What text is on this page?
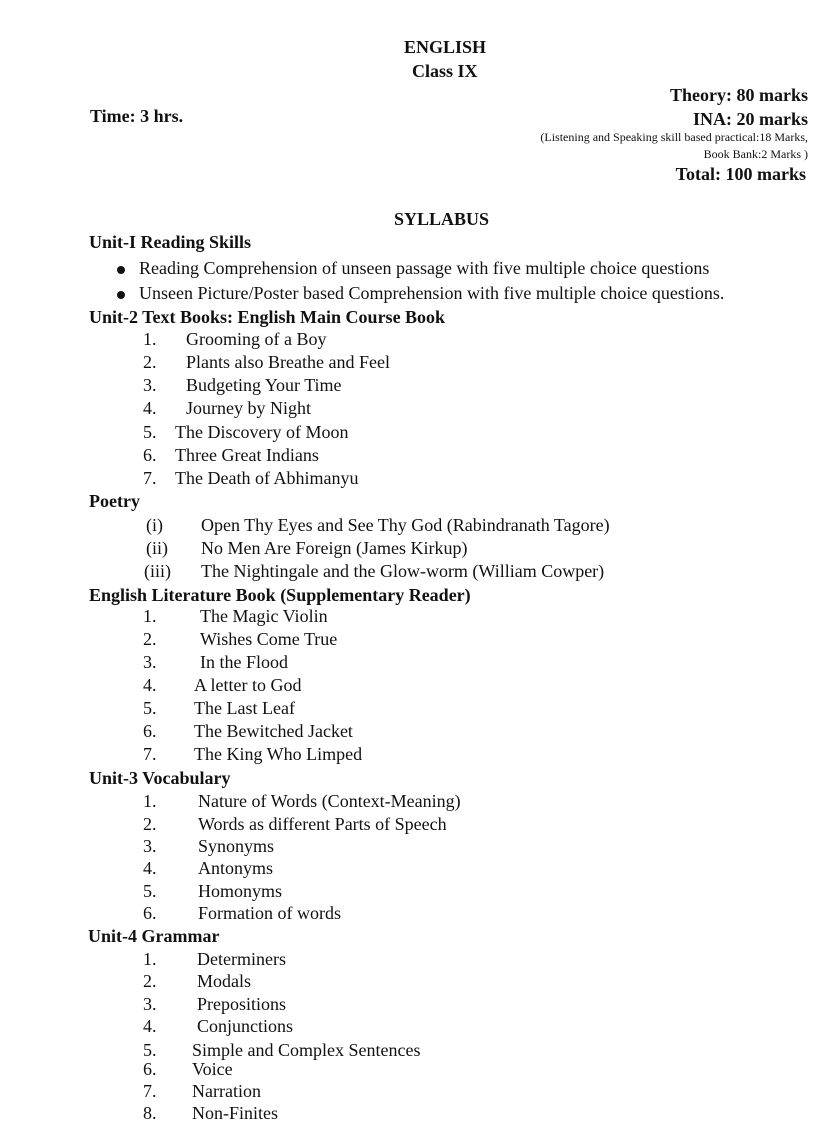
ENGLISH
Class IX
Theory: 80 marks
Time: 3 hrs.	INA: 20 marks
(Listening and Speaking skill based practical:18 Marks,
Book Bank:2 Marks )
Total: 100 marks
SYLLABUS
Unit-I Reading Skills
Reading Comprehension of unseen passage with five multiple choice questions
Unseen Picture/Poster based Comprehension with five multiple choice questions.
Unit-2 Text Books: English Main Course Book
1. Grooming of a Boy
2. Plants also Breathe and Feel
3. Budgeting Your Time
4. Journey by Night
5. The Discovery of Moon
6. Three Great Indians
7. The Death of Abhimanyu
Poetry
(i) Open Thy Eyes and See Thy God (Rabindranath Tagore)
(ii) No Men Are Foreign (James Kirkup)
(iii) The Nightingale and the Glow-worm (William Cowper)
English Literature Book (Supplementary Reader)
1. The Magic Violin
2. Wishes Come True
3. In the Flood
4. A letter to God
5. The Last Leaf
6. The Bewitched Jacket
7. The King Who Limped
Unit-3 Vocabulary
1. Nature of Words (Context-Meaning)
2. Words as different Parts of Speech
3. Synonyms
4. Antonyms
5. Homonyms
6. Formation of words
Unit-4 Grammar
1. Determiners
2. Modals
3. Prepositions
4. Conjunctions
5. Simple and Complex Sentences
6. Voice
7. Narration
8. Non-Finites
